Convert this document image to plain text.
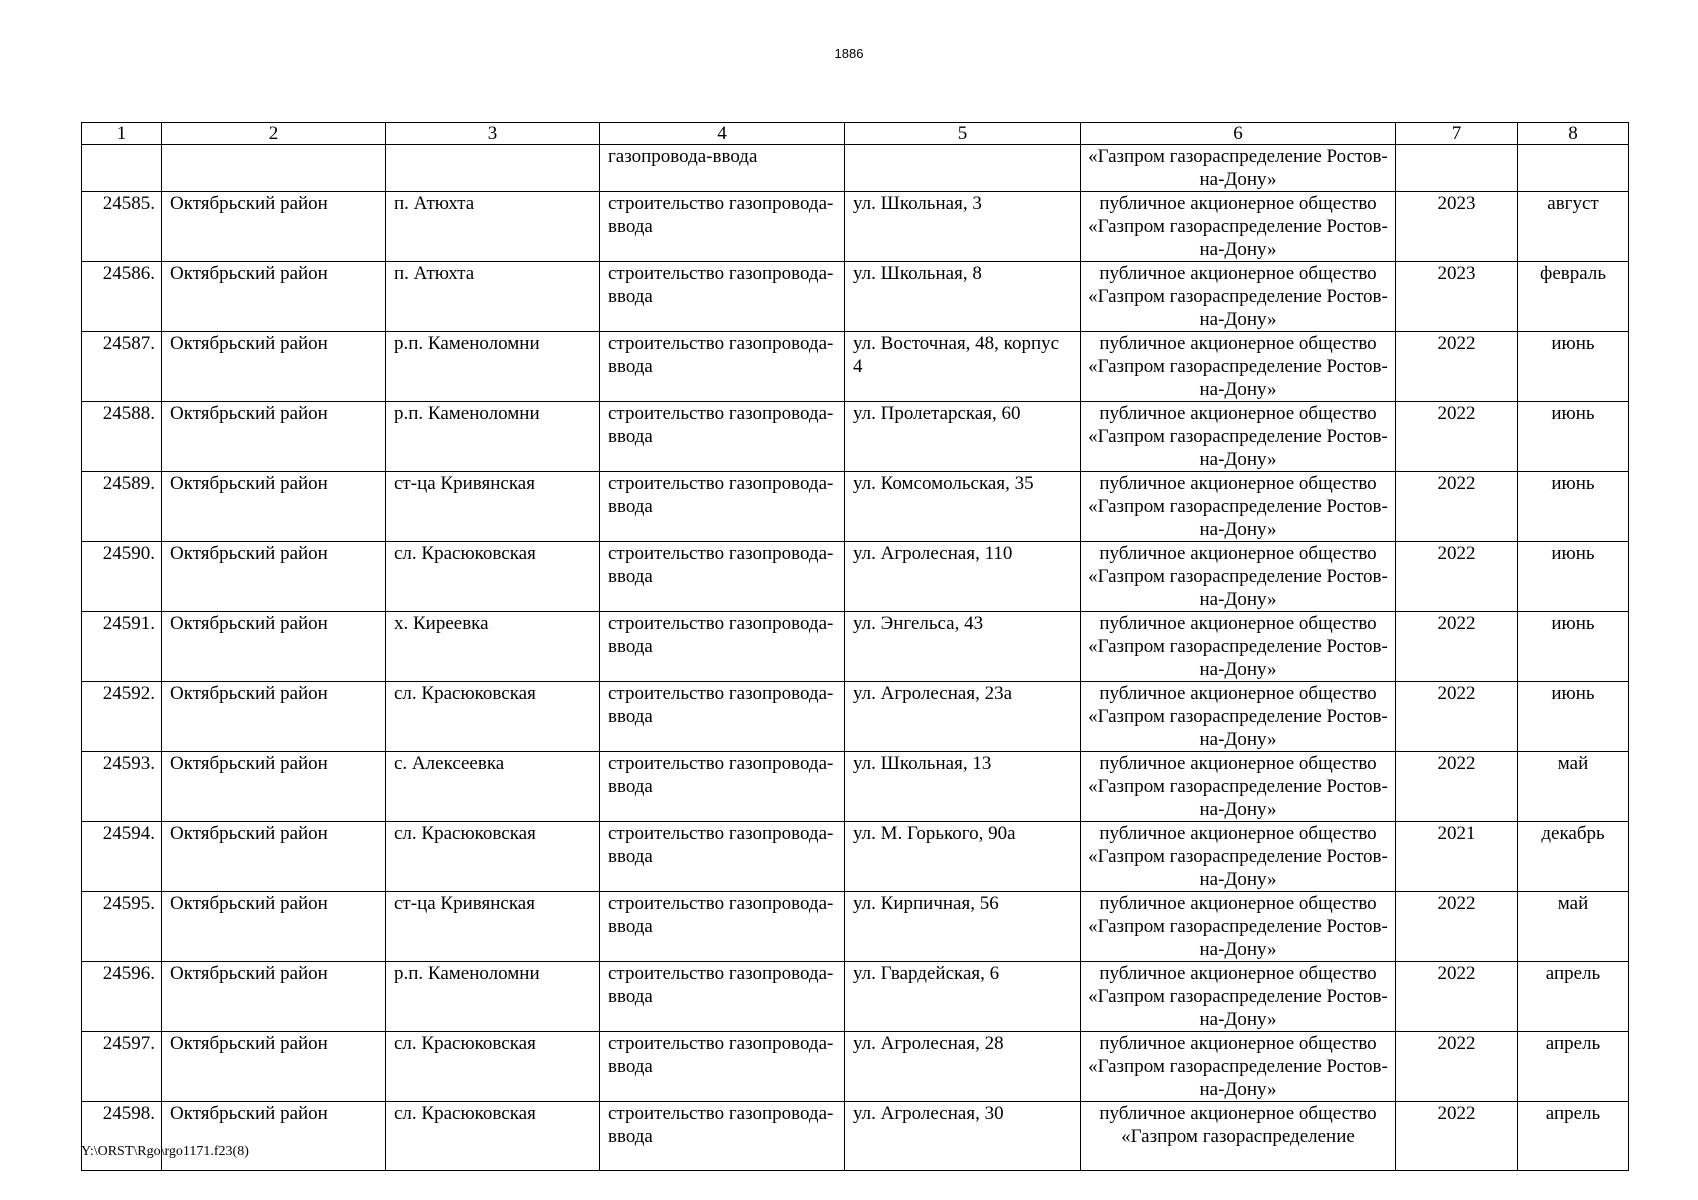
1886
1	2	3	4	5	6	7	8
			газопровода-ввода		«Газпром газораспределение Ростов-на-Дону»		
24585.	Октябрьский район	п. Атюхта	строительство газопровода-ввода	ул. Школьная, 3	публичное акционерное общество «Газпром газораспределение Ростов-на-Дону»	2023	август
24586.	Октябрьский район	п. Атюхта	строительство газопровода-ввода	ул. Школьная, 8	публичное акционерное общество «Газпром газораспределение Ростов-на-Дону»	2023	февраль
24587.	Октябрьский район	р.п. Каменоломни	строительство газопровода-ввода	ул. Восточная, 48, корпус 4	публичное акционерное общество «Газпром газораспределение Ростов-на-Дону»	2022	июнь
24588.	Октябрьский район	р.п. Каменоломни	строительство газопровода-ввода	ул. Пролетарская, 60	публичное акционерное общество «Газпром газораспределение Ростов-на-Дону»	2022	июнь
24589.	Октябрьский район	ст-ца Кривянская	строительство газопровода-ввода	ул. Комсомольская, 35	публичное акционерное общество «Газпром газораспределение Ростов-на-Дону»	2022	июнь
24590.	Октябрьский район	сл. Красюковская	строительство газопровода-ввода	ул. Агролесная, 110	публичное акционерное общество «Газпром газораспределение Ростов-на-Дону»	2022	июнь
24591.	Октябрьский район	х. Киреевка	строительство газопровода-ввода	ул. Энгельса, 43	публичное акционерное общество «Газпром газораспределение Ростов-на-Дону»	2022	июнь
24592.	Октябрьский район	сл. Красюковская	строительство газопровода-ввода	ул. Агролесная, 23а	публичное акционерное общество «Газпром газораспределение Ростов-на-Дону»	2022	июнь
24593.	Октябрьский район	с. Алексеевка	строительство газопровода-ввода	ул. Школьная, 13	публичное акционерное общество «Газпром газораспределение Ростов-на-Дону»	2022	май
24594.	Октябрьский район	сл. Красюковская	строительство газопровода-ввода	ул. М. Горького, 90а	публичное акционерное общество «Газпром газораспределение Ростов-на-Дону»	2021	декабрь
24595.	Октябрьский район	ст-ца Кривянская	строительство газопровода-ввода	ул. Кирпичная, 56	публичное акционерное общество «Газпром газораспределение Ростов-на-Дону»	2022	май
24596.	Октябрьский район	р.п. Каменоломни	строительство газопровода-ввода	ул. Гвардейская, 6	публичное акционерное общество «Газпром газораспределение Ростов-на-Дону»	2022	апрель
24597.	Октябрьский район	сл. Красюковская	строительство газопровода-ввода	ул. Агролесная, 28	публичное акционерное общество «Газпром газораспределение Ростов-на-Дону»	2022	апрель
24598.	Октябрьский район	сл. Красюковская	строительство газопровода-ввода	ул. Агролесная, 30	публичное акционерное общество «Газпром газораспределение	2022	апрель
Y:\ORST\Rgo\rgo1171.f23(8)
